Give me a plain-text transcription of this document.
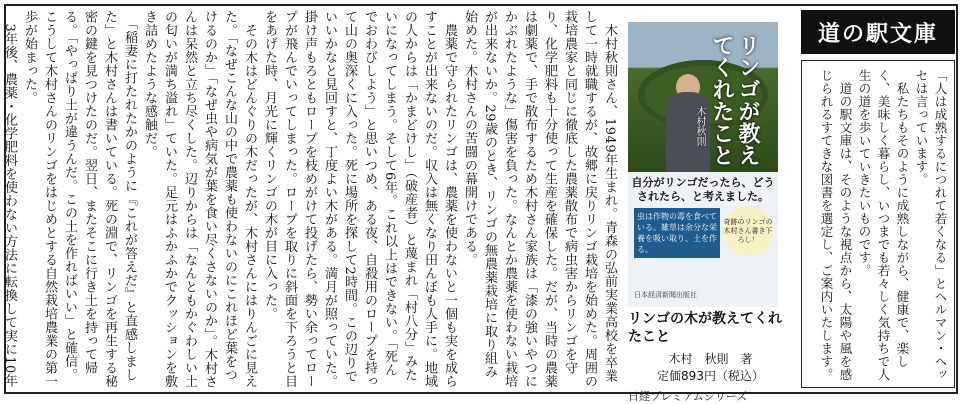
　木村秋則さん、1949年生まれ。青森の弘前実業高校を卒業して一時就職するが、故郷に戻りリンゴ栽培を始めた。周囲の栽培農家と同じに徹底した農薬散布で病虫害からリンゴを守り、化学肥料も十分使って生産を確保した。だが、当時の農薬は劇薬で、手で散布するため木村さん家族は「漆の強いやつにかぶれたような」傷害を負った。なんとか農薬を使わない栽培が出来ないか。29歳のとき、リンゴの無農薬栽培に取り組み始めた。木村さんの苦闘の幕開けである。
　農薬で守られたリンゴは、農薬を使わないと一個も実を成らすことが出来ないのだ。収入は無くなり田んぼも人手に。地域の人からは「かまどけし」（破産者）と蔑まれ「村八分」みたいになってしまう。そして6年。これ以上はできない。「死んでおわびしよう」と思いつめ、ある夜、自殺用のロープを持って山の奥深くに入った。死に場所を探して2時間。この辺りでいいかなと見回すと、丁度よい木がある。満月が照っていた。掛け声もろともロープを枝めがけて投げたら、勢い余ってロープが飛んでいってしまった。ロープを取りに斜面を下ろうと目をあげた時、月光に輝くリンゴの木が目に入った。
　その木はどんぐりの木だったが、木村さんにはりんごに見えた。「なぜこんな山の中で農薬も使わないのにこれほど葉をつけるのか」「なぜ虫や病気が葉を食い尽くさないのか」。木村さんは呆然と立ち尽くした。辺りからは「なんともかぐわしい土の匂いが満ち溢れ」ていた。足元はふかふかでクッションを敷き詰めたような感触だ。
　「稲妻に打たれたかのように『これが答えだ』と直感しました」と木村さんは書いている。死の淵で、リンゴを再生する秘密の鍵を見つけたのだ。翌日、またそこに行き土を持って帰る。「やっぱり土が違うんだ。この土を作ればいい」と確信。こうして木村さんのリンゴをはじめとする自然栽培農業の第一歩が始まった。
　3年後、農薬・化学肥料を使わない方法に転換して実に10年
リンゴが教えてくれたこと
木村秋則
自分がリンゴだったら、どうされたら、と考えました。
虫は作物の毒を食べている。雑草は余分な栄養を吸い取り、土を作る。
奇跡のリンゴの木村さん書き下ろし！
日本経済新聞出版社
リンゴの木が教えてくれたこと
木村　秋則　著
定価893円（税込）
日経プレミアムシリーズ
道の駅文庫
「人は成熟するにつれて若くなる」とヘルマン・ヘッセは言っています。
　私たちもそのように成熟しながら、健康で、楽しく、美味しく暮らし、いつまでも若々しく気持ちで人生の道を歩いていきたいものです。
　道の駅文庫は、そのような視点から、太陽や風を感じられるすてきな図書を選定し、ご案内いたします。
